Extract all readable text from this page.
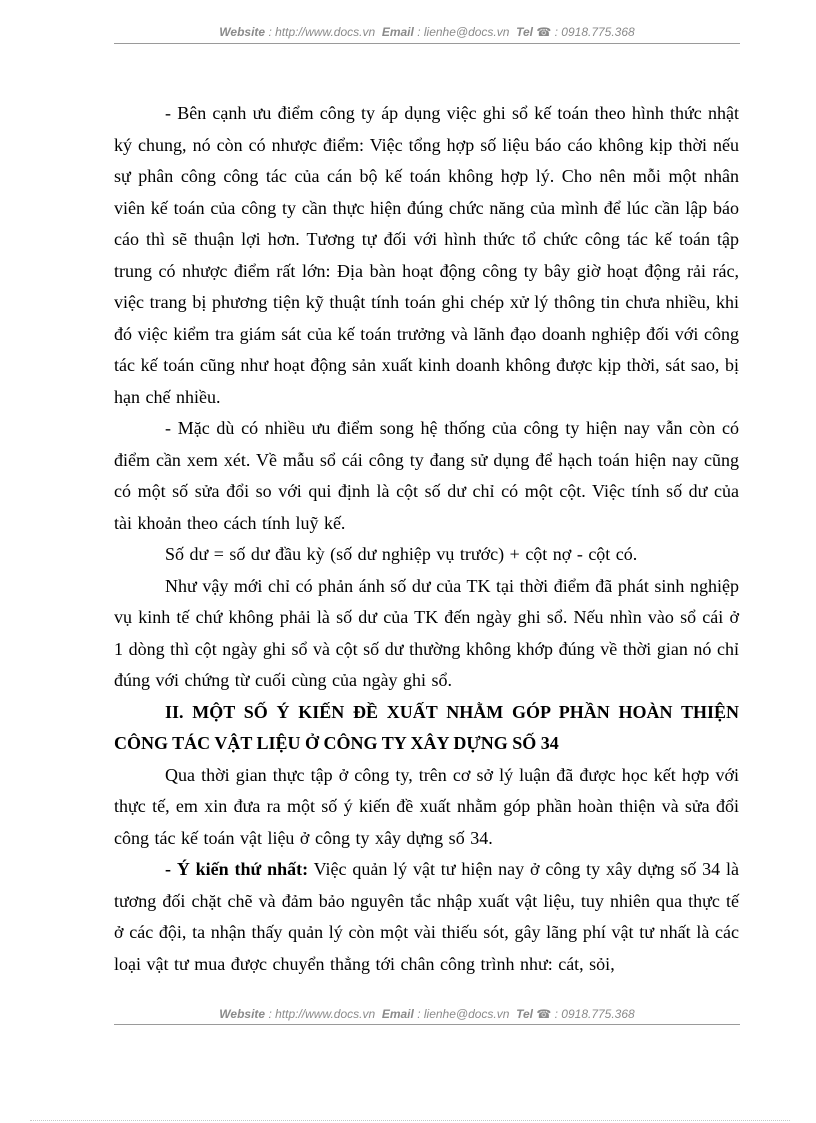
Website : http://www.docs.vn Email : lienhe@docs.vn Tel ☎ : 0918.775.368

- Bên cạnh ưu điểm công ty áp dụng việc ghi sổ kế toán theo hình thức nhật ký chung, nó còn có nhược điểm: Việc tổng hợp số liệu báo cáo không kịp thời nếu sự phân công công tác của cán bộ kế toán không hợp lý. Cho nên mỗi một nhân viên kế toán của công ty cần thực hiện đúng chức năng của mình để lúc cần lập báo cáo thì sẽ thuận lợi hơn. Tương tự đối với hình thức tổ chức công tác kế toán tập trung có nhược điểm rất lớn: Địa bàn hoạt động công ty bây giờ hoạt động rải rác, việc trang bị phương tiện kỹ thuật tính toán ghi chép xử lý thông tin chưa nhiều, khi đó việc kiểm tra giám sát của kế toán trưởng và lãnh đạo doanh nghiệp đối với công tác kế toán cũng như hoạt động sản xuất kinh doanh không được kịp thời, sát sao, bị hạn chế nhiều.

- Mặc dù có nhiều ưu điểm song hệ thống của công ty hiện nay vẫn còn có điểm cần xem xét. Về mẫu sổ cái công ty đang sử dụng để hạch toán hiện nay cũng có một số sửa đổi so với qui định là cột số dư chỉ có một cột. Việc tính số dư của tài khoản theo cách tính luỹ kế.

Số dư = số dư đầu kỳ (số dư nghiệp vụ trước) + cột nợ - cột có.

Như vậy mới chỉ có phản ánh số dư của TK tại thời điểm đã phát sinh nghiệp vụ kinh tế chứ không phải là số dư của TK đến ngày ghi sổ. Nếu nhìn vào sổ cái ở 1 dòng thì cột ngày ghi sổ và cột số dư thường không khớp đúng về thời gian nó chỉ đúng với chứng từ cuối cùng của ngày ghi sổ.

II. MỘT SỐ Ý KIẾN ĐỀ XUẤT NHẰM GÓP PHẦN HOÀN THIỆN CÔNG TÁC VẬT LIỆU Ở CÔNG TY XÂY DỰNG SỐ 34

Qua thời gian thực tập ở công ty, trên cơ sở lý luận đã được học kết hợp với thực tế, em xin đưa ra một số ý kiến đề xuất nhằm góp phần hoàn thiện và sửa đổi công tác kế toán vật liệu ở công ty xây dựng số 34.

- Ý kiến thứ nhất: Việc quản lý vật tư hiện nay ở công ty xây dựng số 34 là tương đối chặt chẽ và đảm bảo nguyên tắc nhập xuất vật liệu, tuy nhiên qua thực tế ở các đội, ta nhận thấy quản lý còn một vài thiếu sót, gây lãng phí vật tư nhất là các loại vật tư mua được chuyển thẳng tới chân công trình như: cát, sỏi,

Website : http://www.docs.vn Email : lienhe@docs.vn Tel ☎ : 0918.775.368
